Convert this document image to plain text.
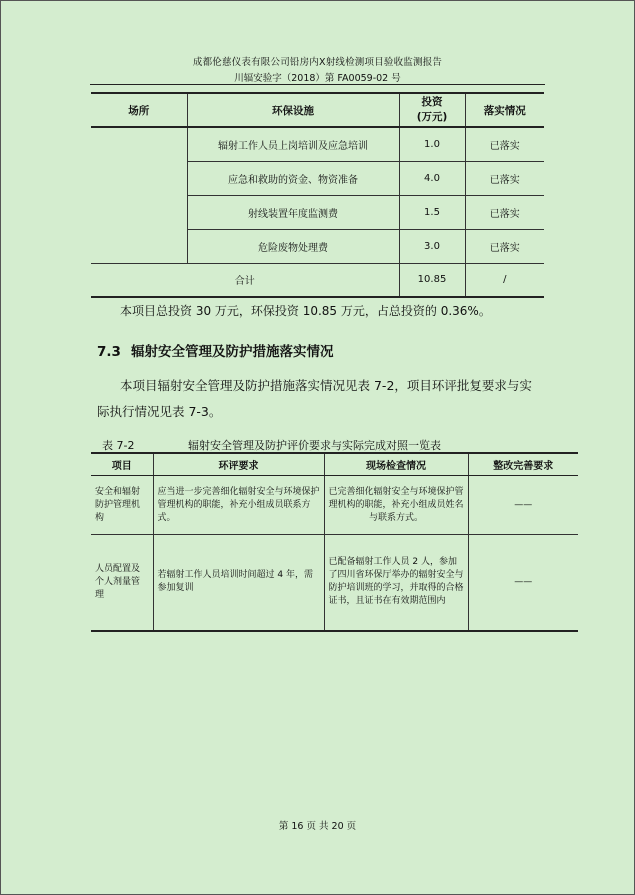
成都伦慈仪表有限公司铅房内X射线检测项目验收监测报告
川辐安验字（2018）第 FA0059-02 号
场所	环保设施	投资
(万元)	落实情况
	辐射工作人员上岗培训及应急培训	1.0	已落实
	应急和救助的资金、物资准备	4.0	已落实
	射线装置年度监测费	1.5	已落实
	危险废物处理费	3.0	已落实
合计		10.85	/
本项目总投资 30 万元，环保投资 10.85 万元，占总投资的 0.36%。
7.3 辐射安全管理及防护措施落实情况
本项目辐射安全管理及防护措施落实情况见表 7-2，项目环评批复要求与实
际执行情况见表 7-3。
表 7-2	辐射安全管理及防护评价要求与实际完成对照一览表
项目	环评要求	现场检查情况	整改完善要求
安全和辐射防护管理机构	应当进一步完善细化辐射安全与环境保护管理机构的职能，补充小组成员联系方式。	已完善细化辐射安全与环境保护管理机构的职能，补充小组成员姓名与联系方式。	——
人员配置及个人剂量管理	若辐射工作人员培训时间超过 4 年，需参加复训	已配备辐射工作人员 2 人，参加了四川省环保厅举办的辐射安全与防护培训班的学习，并取得的合格证书，且证书在有效期范围内	——
第 16 页 共 20 页
